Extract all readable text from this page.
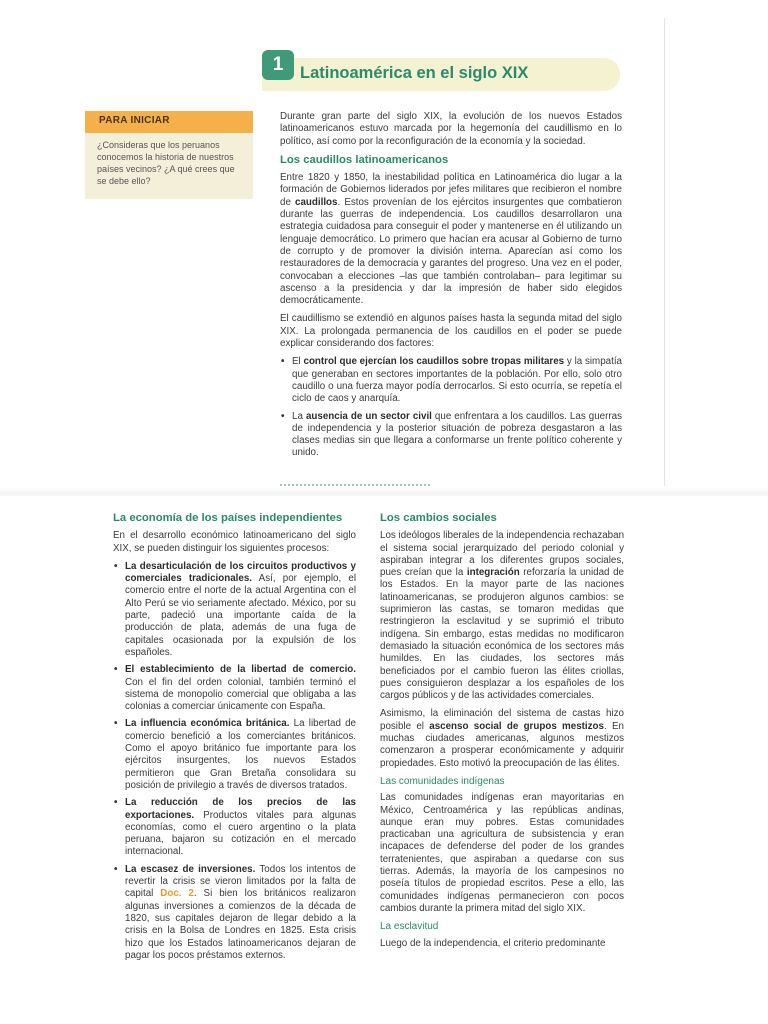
1	Latinoamérica en el siglo XIX
PARA INICIAR
¿Consideras que los peruanos conocemos la historia de nuestros países vecinos? ¿A qué crees que se debe ello?

Durante gran parte del siglo XIX, la evolución de los nuevos Estados latinoamericanos estuvo marcada por la hegemonía del caudillismo en lo político, así como por la reconfiguración de la economía y la sociedad.

Los caudillos latinoamericanos

Entre 1820 y 1850, la inestabilidad política en Latinoamérica dio lugar a la formación de Gobiernos liderados por jefes militares que recibieron el nombre de caudillos. Estos provenían de los ejércitos insurgentes que combatieron durante las guerras de independencia. Los caudillos desarrollaron una estrategia cuidadosa para conseguir el poder y mantenerse en él utilizando un lenguaje democrático. Lo primero que hacían era acusar al Gobierno de turno de corrupto y de promover la división interna. Aparecían así como los restauradores de la democracia y garantes del progreso. Una vez en el poder, convocaban a elecciones –las que también controlaban– para legitimar su ascenso a la presidencia y dar la impresión de haber sido elegidos democráticamente.

El caudillismo se extendió en algunos países hasta la segunda mitad del siglo XIX. La prolongada permanencia de los caudillos en el poder se puede explicar considerando dos factores:

• El control que ejercían los caudillos sobre tropas militares y la simpatía que generaban en sectores importantes de la población. Por ello, solo otro caudillo o una fuerza mayor podía derrocarlos. Si esto ocurría, se repetía el ciclo de caos y anarquía.
• La ausencia de un sector civil que enfrentara a los caudillos. Las guerras de independencia y la posterior situación de pobreza desgastaron a las clases medias sin que llegara a conformarse un frente político coherente y unido.
La economía de los países independientes

En el desarrollo económico latinoamericano del siglo XIX, se pueden distinguir los siguientes procesos:

• La desarticulación de los circuitos productivos y comerciales tradicionales. Así, por ejemplo, el comercio entre el norte de la actual Argentina con el Alto Perú se vio seriamente afectado. México, por su parte, padeció una importante caída de la producción de plata, además de una fuga de capitales ocasionada por la expulsión de los españoles.
• El establecimiento de la libertad de comercio. Con el fin del orden colonial, también terminó el sistema de monopolio comercial que obligaba a las colonias a comerciar únicamente con España.
• La influencia económica británica. La libertad de comercio benefició a los comerciantes británicos. Como el apoyo británico fue importante para los ejércitos insurgentes, los nuevos Estados permitieron que Gran Bretaña consolidara su posición de privilegio a través de diversos tratados.
• La reducción de los precios de las exportaciones. Productos vitales para algunas economías, como el cuero argentino o la plata peruana, bajaron su cotización en el mercado internacional.
• La escasez de inversiones. Todos los intentos de revertir la crisis se vieron limitados por la falta de capital Doc. 2. Si bien los británicos realizaron algunas inversiones a comienzos de la década de 1820, sus capitales dejaron de llegar debido a la crisis en la Bolsa de Londres en 1825. Esta crisis hizo que los Estados latinoamericanos dejaran de pagar los pocos préstamos externos.
Los cambios sociales

Los ideólogos liberales de la independencia rechazaban el sistema social jerarquizado del periodo colonial y aspiraban integrar a los diferentes grupos sociales, pues creían que la integración reforzaría la unidad de los Estados. En la mayor parte de las naciones latinoamericanas, se produjeron algunos cambios: se suprimieron las castas, se tomaron medidas que restringieron la esclavitud y se suprimió el tributo indígena. Sin embargo, estas medidas no modificaron demasiado la situación económica de los sectores más humildes. En las ciudades, los sectores más beneficiados por el cambio fueron las élites criollas, pues consiguieron desplazar a los españoles de los cargos públicos y de las actividades comerciales.

Asimismo, la eliminación del sistema de castas hizo posible el ascenso social de grupos mestizos. En muchas ciudades americanas, algunos mestizos comenzaron a prosperar económicamente y adquirir propiedades. Esto motivó la preocupación de las élites.

Las comunidades indígenas

Las comunidades indígenas eran mayoritarias en México, Centroamérica y las repúblicas andinas, aunque eran muy pobres. Estas comunidades practicaban una agricultura de subsistencia y eran incapaces de defenderse del poder de los grandes terratenientes, que aspiraban a quedarse con sus tierras. Además, la mayoría de los campesinos no poseía títulos de propiedad escritos. Pese a ello, las comunidades indígenas permanecieron con pocos cambios durante la primera mitad del siglo XIX.

La esclavitud

Luego de la independencia, el criterio predominante
